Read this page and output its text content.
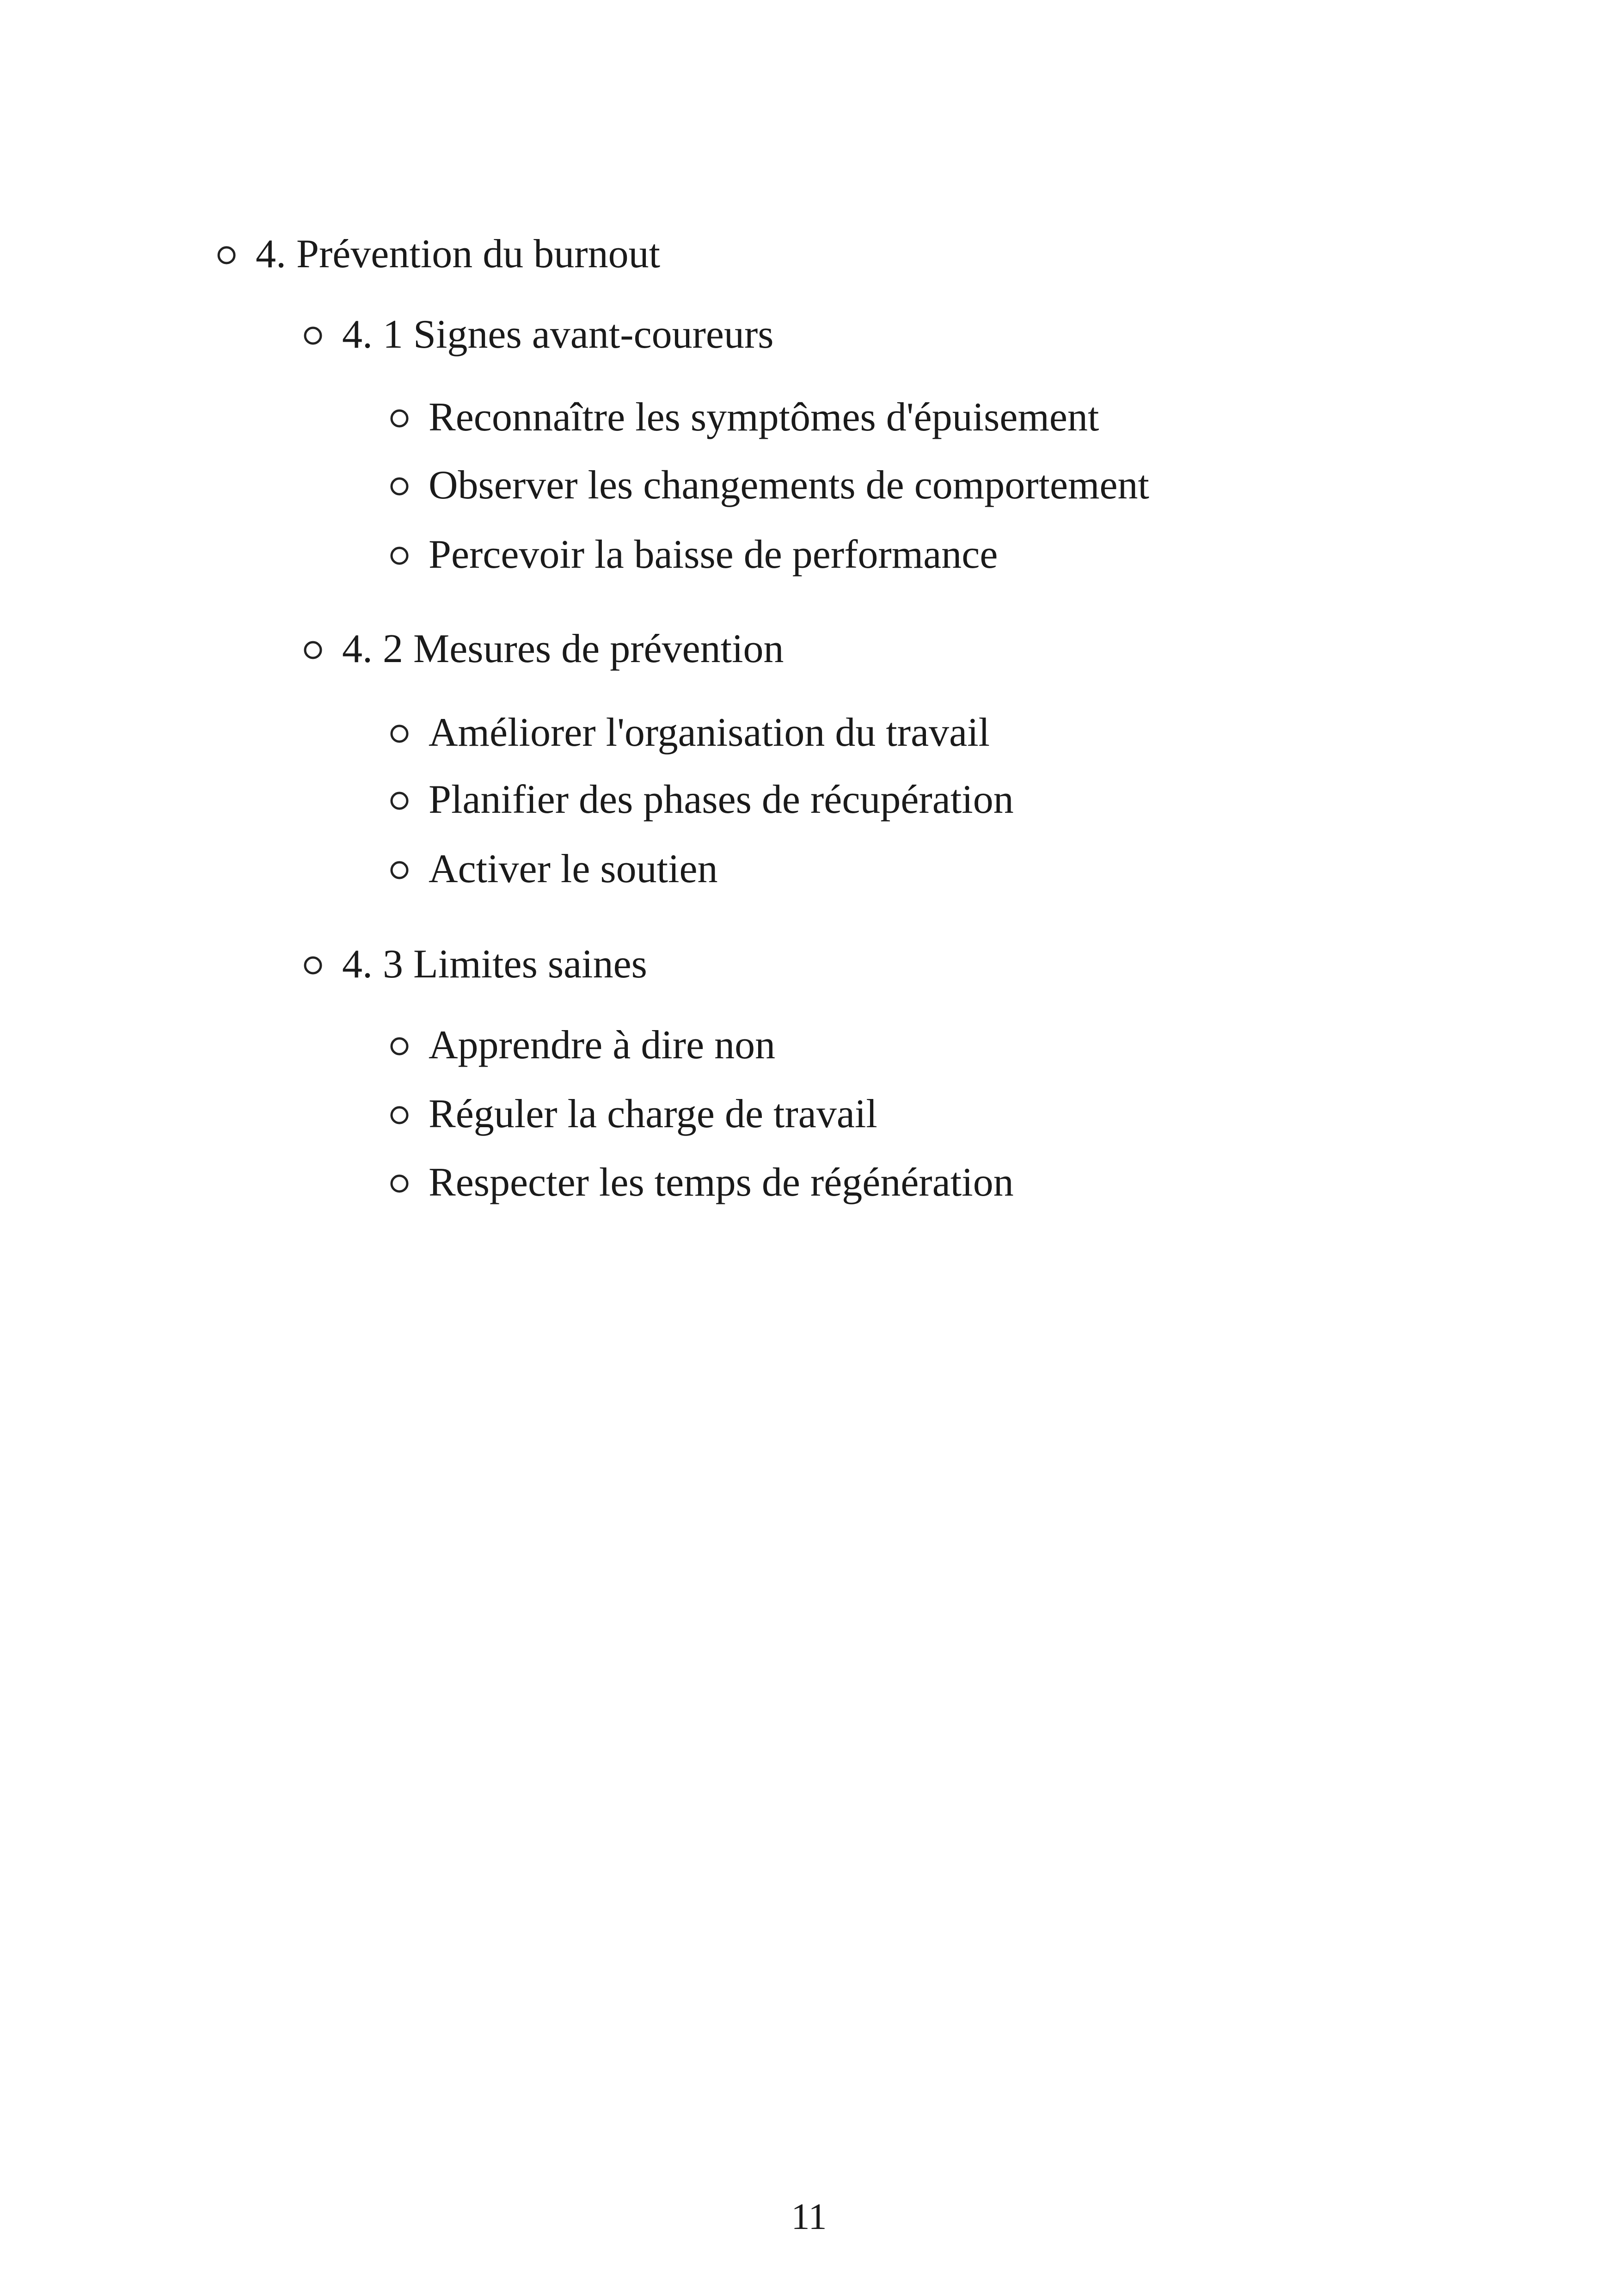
4. Prévention du burnout
4. 1 Signes avant-coureurs
Reconnaître les symptômes d'épuisement
Observer les changements de comportement
Percevoir la baisse de performance
4. 2 Mesures de prévention
Améliorer l'organisation du travail
Planifier des phases de récupération
Activer le soutien
4. 3 Limites saines
Apprendre à dire non
Réguler la charge de travail
Respecter les temps de régénération
11
